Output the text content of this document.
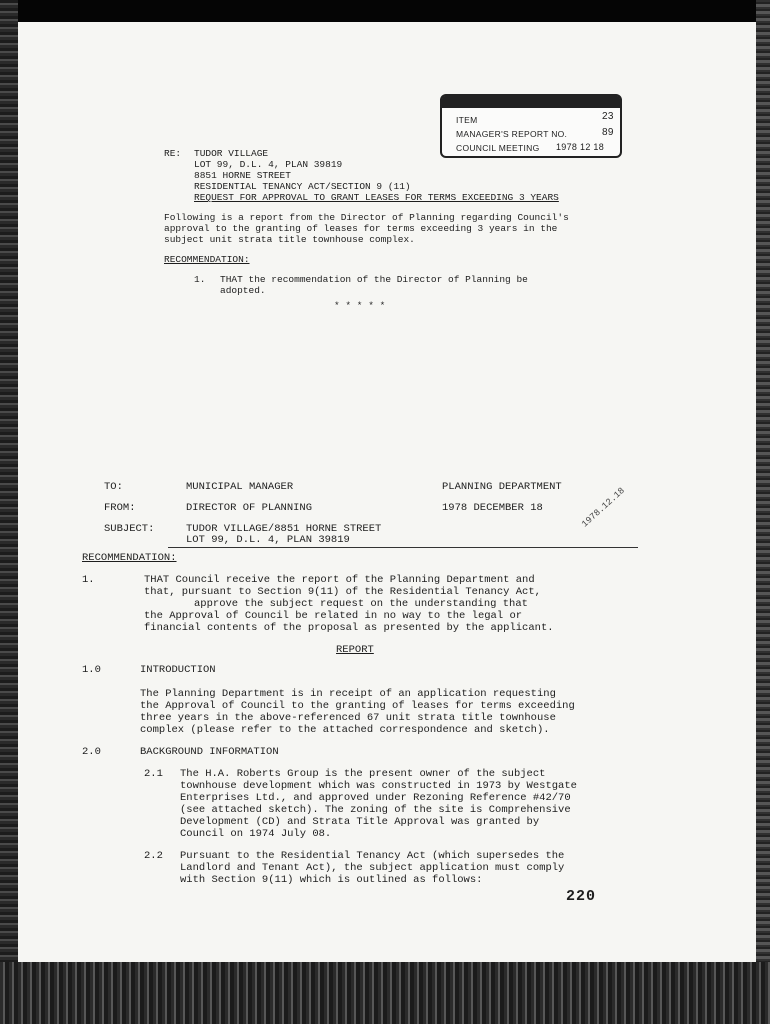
ITEM	23
MANAGER'S REPORT NO.	89
COUNCIL MEETING 1978 12 18
RE: TUDOR VILLAGE
LOT 99, D.L. 4, PLAN 39819
8851 HORNE STREET
RESIDENTIAL TENANCY ACT/SECTION 9 (11)
REQUEST FOR APPROVAL TO GRANT LEASES FOR TERMS EXCEEDING 3 YEARS
Following is a report from the Director of Planning regarding Council's
approval to the granting of leases for terms exceeding 3 years in the
subject unit strata title townhouse complex.
RECOMMENDATION:
1. THAT the recommendation of the Director of Planning be
adopted.
* * * * *
TO:	MUNICIPAL MANAGER	PLANNING DEPARTMENT
FROM:	DIRECTOR OF PLANNING	1978 DECEMBER 18	1978.12.18
SUBJECT:	TUDOR VILLAGE/8851 HORNE STREET
LOT 99, D.L. 4, PLAN 39819
RECOMMENDATION:
1.	THAT Council receive the report of the Planning Department and
that, pursuant to Section 9(11) of the Residential Tenancy Act,
approve the subject request on the understanding that
the Approval of Council be related in no way to the legal or
financial contents of the proposal as presented by the applicant.
REPORT
1.0	INTRODUCTION
The Planning Department is in receipt of an application requesting
the Approval of Council to the granting of leases for terms exceeding
three years in the above-referenced 67 unit strata title townhouse
complex (please refer to the attached correspondence and sketch).
2.0	BACKGROUND INFORMATION
2.1 The H.A. Roberts Group is the present owner of the subject
townhouse development which was constructed in 1973 by Westgate
Enterprises Ltd., and approved under Rezoning Reference #42/70
(see attached sketch). The zoning of the site is Comprehensive
Development (CD) and Strata Title Approval was granted by
Council on 1974 July 08.
2.2 Pursuant to the Residential Tenancy Act (which supersedes the
Landlord and Tenant Act), the subject application must comply
with Section 9(11) which is outlined as follows:
220
